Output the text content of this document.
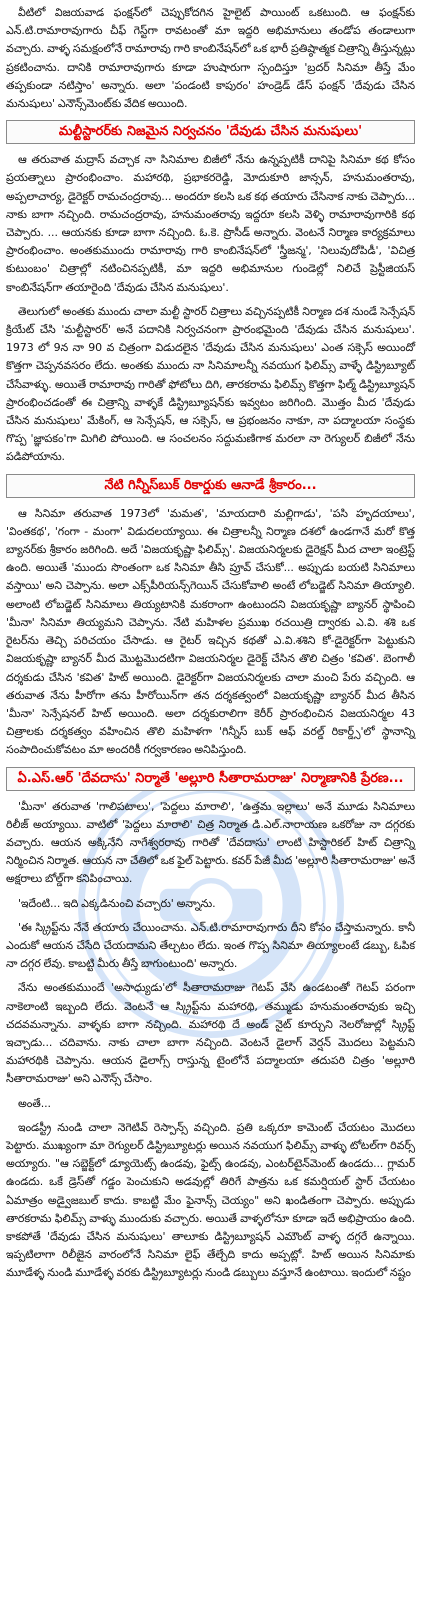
వీటిలో విజయవాడ ఫంక్షన్‌లో చెప్పుకోదగిన హైలైట్ పాయింట్ ఒకటుంది. ఆ ఫంక్షన్‌కు ఎన్.టి.రామారావుగారు చీఫ్ గెస్ట్‌గా రావటంతో మా ఇద్దరి అభిమానులు తండోప తండాలుగా వచ్చారు. వాళ్ళ సమక్షంలోనే రామారావు గారి కాంబినేషన్‌లో ఒక భారీ ప్రతిష్ఠాత్మక చిత్రాన్ని తీస్తున్నట్లు ప్రకటించాను. దానికి రామారావుగారు కూడా హుషారుగా స్పందిస్తూ 'బ్రదర్ సినిమా తీస్తే మేం తప్పకుండా నటిస్తాం' అన్నారు. అలా 'పండంటి కాపురం' హండ్రెడ్ డేస్ ఫంక్షన్ 'దేవుడు చేసిన మనుషులు' ఎనౌన్స్‌మెంట్‌కు వేదిక అయింది.

మల్టీస్టారర్‌కు నిజమైన నిర్వచనం 'దేవుడు చేసిన మనుషులు'

ఆ తరువాత మద్రాస్ వచ్చాక నా సినిమాల బిజీలో నేను ఉన్నప్పటికీ దానిపై సినిమా కథ కోసం ప్రయత్నాలు ప్రారంభించాం. మహారథి, ప్రభాకరరెడ్డి, మోదుకూరి జాన్సన్, హనుమంతరావు, అప్పలాచార్య, డైరెక్టర్ రామచంద్రరావు... అందరూ కలసి ఒక కథ తయారు చేసినాక నాకు చెప్పారు... నాకు బాగా నచ్చింది. రామచంద్రరావు, హనుమంతరావు ఇద్దరూ కలసి వెళ్ళి రామారావుగారికి కథ చెప్పారు. ... ఆయనకు కూడా బాగా నచ్చింది. ఓ.కె. ప్రొసీడ్ అన్నారు. వెంటనే నిర్మాణ కార్యక్రమాలు ప్రారంభించాం. అంతకుముందు రామారావు గారి కాంబినేషన్‌లో 'స్త్రీజన్మ', 'నిలువుదోపిడీ', 'విచిత్ర కుటుంబం' చిత్రాల్లో నటించినప్పటికీ, మా ఇద్దరి అభిమానుల గుండెల్లో నిలిచే ప్రెస్టీజియస్ కాంబినేషన్‌గా తయారైంది 'దేవుడు చేసిన మనుషులు'.

తెలుగులో అంతకు ముందు చాలా మల్టీ స్టారర్ చిత్రాలు వచ్చినప్పటికీ నిర్మాణ దశ నుండే సెన్సేషన్ క్రియేట్ చేసి 'మల్టీస్టారర్' అనే పదానికి నిర్వచనంగా ప్రారంభమైంది 'దేవుడు చేసిన మనుషులు'. 1973 లో 9న నా 90 వ చిత్రంగా విడుదలైన 'దేవుడు చేసిన మనుషులు' ఎంత సక్సెస్ అయిందో కొత్తగా చెప్పనవసరం లేదు. అంతకు ముందు నా సినిమాలన్నీ నవయుగ ఫిలిమ్స్ వాళ్ళే డిస్ట్రిబ్యూట్ చేసేవాళ్ళు. అయితే రామారావు గారితో ఫోటోలు దిగి, తారకరామ ఫిలిమ్స్ కొత్తగా ఫిల్మ్ డిస్ట్రిబ్యూషన్ ప్రారంభించడంతో ఈ చిత్రాన్ని వాళ్ళకే డిస్ట్రిబ్యూషన్‌కు ఇవ్వటం జరిగింది. మొత్తం మీద 'దేవుడు చేసిన మనుషులు' మేకింగ్, ఆ సెన్సేషన్, ఆ సక్సెస్, ఆ ప్రభంజనం నాకూ, నా పద్మాలయా సంస్థకు గొప్ప 'జ్ఞాపకం'గా మిగిలి పోయింది. ఆ సంచలనం సద్దుమణిగాక మరలా నా రెగ్యులర్ బిజీలో నేను పడిపోయాను.

నేటి గిన్నీస్‌బుక్ రికార్డుకు ఆనాడే శ్రీకారం...

ఆ సినిమా తరువాత 1973లో 'మమత', 'మాయదారి మల్లిగాడు', 'పసి హృదయాలు', 'వింతకథ', 'గంగా - మంగా' విడుదలయ్యాయి. ఈ చిత్రాలన్నీ నిర్మాణ దశలో ఉండగానే మరో కొత్త బ్యానర్‌కు శ్రీకారం జరిగింది. అదే 'విజయకృష్ణా ఫిలిమ్స్'. విజయనిర్మలకు డైరెక్షన్ మీద చాలా ఇంట్రెస్ట్ ఉంది. అయితే 'ముందు సొంతంగా ఒక సినిమా తీసి ప్రూవ్ చేసుకో... అప్పుడు బయటి సినిమాలు వస్తాయి' అని చెప్పాను. అలా ఎక్స్‌పీరియన్స్‌గెయిన్ చేసుకోవాలి అంటే లోబడ్జెట్ సినిమా తియ్యాలి. అలాంటి లోబడ్జెట్ సినిమాలు తియ్యటానికి మకరాంగా ఉంటుందని విజయకృష్ణా బ్యానర్ స్థాపించి 'మీనా' సినిమా తియ్యమని చెప్పాను. నేటి మహిళల ప్రముఖ రచయిత్రి ద్వారకు ఎ.వి. శశి ఒక రైటర్‌ను తెచ్చి పరిచయం చేసాడు. ఆ రైటర్ ఇచ్చిన కథతో ఎ.వి.శశిని కో-డైరెక్టర్‌గా పెట్టుకుని విజయకృష్ణా బ్యానర్ మీద మొట్టమొదటిగా విజయనిర్మల డైరెక్ట్ చేసిన తొలి చిత్రం 'కవిత'. బెంగాలీ దర్శకుడు చేసిన 'కవిత' హిట్ అయింది. డైరెక్టర్‌గా విజయనిర్మలకు చాలా మంచి పేరు వచ్చింది. ఆ తరువాత నేను హీరోగా తను హీరోయిన్‌గా తన దర్శకత్వంలో విజయకృష్ణా బ్యానర్ మీద తీసిన 'మీనా' సెన్సేషనల్ హిట్ అయింది. అలా దర్శకురాలిగా కెరీర్ ప్రారంభించిన విజయనిర్మల 43 చిత్రాలకు దర్శకత్వం వహించిన తొలి మహిళగా 'గిన్నీస్ బుక్ ఆఫ్ వరల్డ్ రికార్డ్స్'లో స్థానాన్ని సంపాదించుకోవటం మా అందరికీ గర్వకారణం అనిపిస్తుంది.

ఏ.ఎస్.ఆర్ 'దేవదాసు' నిర్మాతే 'అల్లూరి సీతారామరాజు' నిర్మాణానికి ప్రేరణ...

'మీనా' తరువాత 'గాలిపటాలు', 'పెద్దలు మారాలి', 'ఉత్తమ ఇల్లాలు' అనే మూడు సినిమాలు రిలీజ్ అయ్యాయి. వాటిలో 'పెద్దలు మారాలి' చిత్ర నిర్మాత డి.ఎల్.నారాయణ ఒకరోజు నా దగ్గరకు వచ్చారు. ఆయన అక్కినేని నాగేశ్వరరావు గారితో 'దేవదాసు' లాంటి హిస్టారికల్ హిట్ చిత్రాన్ని నిర్మించిన నిర్మాత. ఆయన నా చేతిలో ఒక ఫైల్ పెట్టారు. కవర్ పేజీ మీద 'అల్లూరి సీతారామరాజు' అనే అక్షరాలు బోల్డ్‌గా కనిపించాయి.

'ఇదేంటి... ఇది ఎక్కడినుంచి వచ్చారు' అన్నాను.

'ఈ స్క్రిప్ట్‌ను నేనే తయారు చేయించాను. ఎన్.టి.రామారావుగారు దీని కోసం చేస్తామన్నారు. కానీ ఎందుకో ఆయన చేసేది చేయదామని తేల్చటం లేదు. ఇంత గొప్ప సినిమా తియ్యాలంటే డబ్బు, ఓపిక నా దగ్గర లేవు. కాబట్టి మీరు తీస్తే బాగుంటుంది' అన్నారు.

నేను అంతకుముందే 'అసాధ్యుడు'లో సీతారామరాజు గెటప్ వేసి ఉండటంతో గెటప్ పరంగా నాకెలాంటి ఇబ్బంది లేదు. వెంటనే ఆ స్క్రిప్ట్‌ను మహారథి, తమ్ముడు హనుమంతరావుకు ఇచ్చి చదవమన్నాను. వాళ్ళకు బాగా నచ్చింది. మహారథి దే అండ్ నైట్ కూర్చుని నెలరోజుల్లో స్క్రిప్ట్ ఇచ్చాడు... చదివాను. నాకు చాలా బాగా నచ్చింది. వెంటనే డైలాగ్ వెర్షన్ మొదలు పెట్టమని మహారథికి చెప్పాను. ఆయన డైలాగ్స్ రాస్తున్న టైంలోనే పద్మాలయా తదుపరి చిత్రం 'అల్లూరి సీతారామరాజు' అని ఎనౌన్స్ చేసాం.

అంతే...

ఇండస్ట్రీ నుండి చాలా నెగెటివ్ రెస్పాన్స్ వచ్చింది. ప్రతి ఒక్కరూ కామెంట్ చేయటం మొదలు పెట్టారు. ముఖ్యంగా మా రెగ్యులర్ డిస్ట్రిబ్యూటర్లు అయిన నవయుగ ఫిలిమ్స్ వాళ్ళు టోటల్‌గా రివర్స్ అయ్యారు. "ఆ సబ్జెక్ట్‌లో డ్యూయెట్స్ ఉండవు, ఫైట్స్ ఉండవు, ఎంటర్‌టైన్‌మెంట్ ఉండదు... గ్లామర్ ఉండదు. ఒకే డ్రెస్‌తో గడ్డం పెంచుకుని అడవుల్లో తిరిగే పాత్రను ఒక కమర్షియల్ స్టార్ చేయటం ఏమాత్రం అడ్వైజబుల్ కాదు. కాబట్టి మేం ఫైనాన్స్ చెయ్యం" అని ఖండితంగా చెప్పారు. అప్పుడు తారకరామ ఫిలిమ్స్ వాళ్ళు ముందుకు వచ్చారు. అయితే వాళ్ళలోనూ కూడా ఇదే అభిప్రాయం ఉంది. కాకపోతే 'దేవుడు చేసిన మనుషులు' తాలూకు డిస్ట్రిబ్యూషన్ ఎమౌంట్ వాళ్ళ దగ్గరే ఉన్నాయి. ఇప్పటిలాగా రిలీజైన వారంలోనే సినిమా లైఫ్ తేల్చేది కాదు అప్పట్లో. హిట్ అయిన సినిమాకు మూడేళ్ళ నుండి మూడేళ్ళ వరకు డిస్ట్రిబ్యూటర్లు నుండి డబ్బులు వస్తూనే ఉంటాయి. ఇందులో నష్టం
